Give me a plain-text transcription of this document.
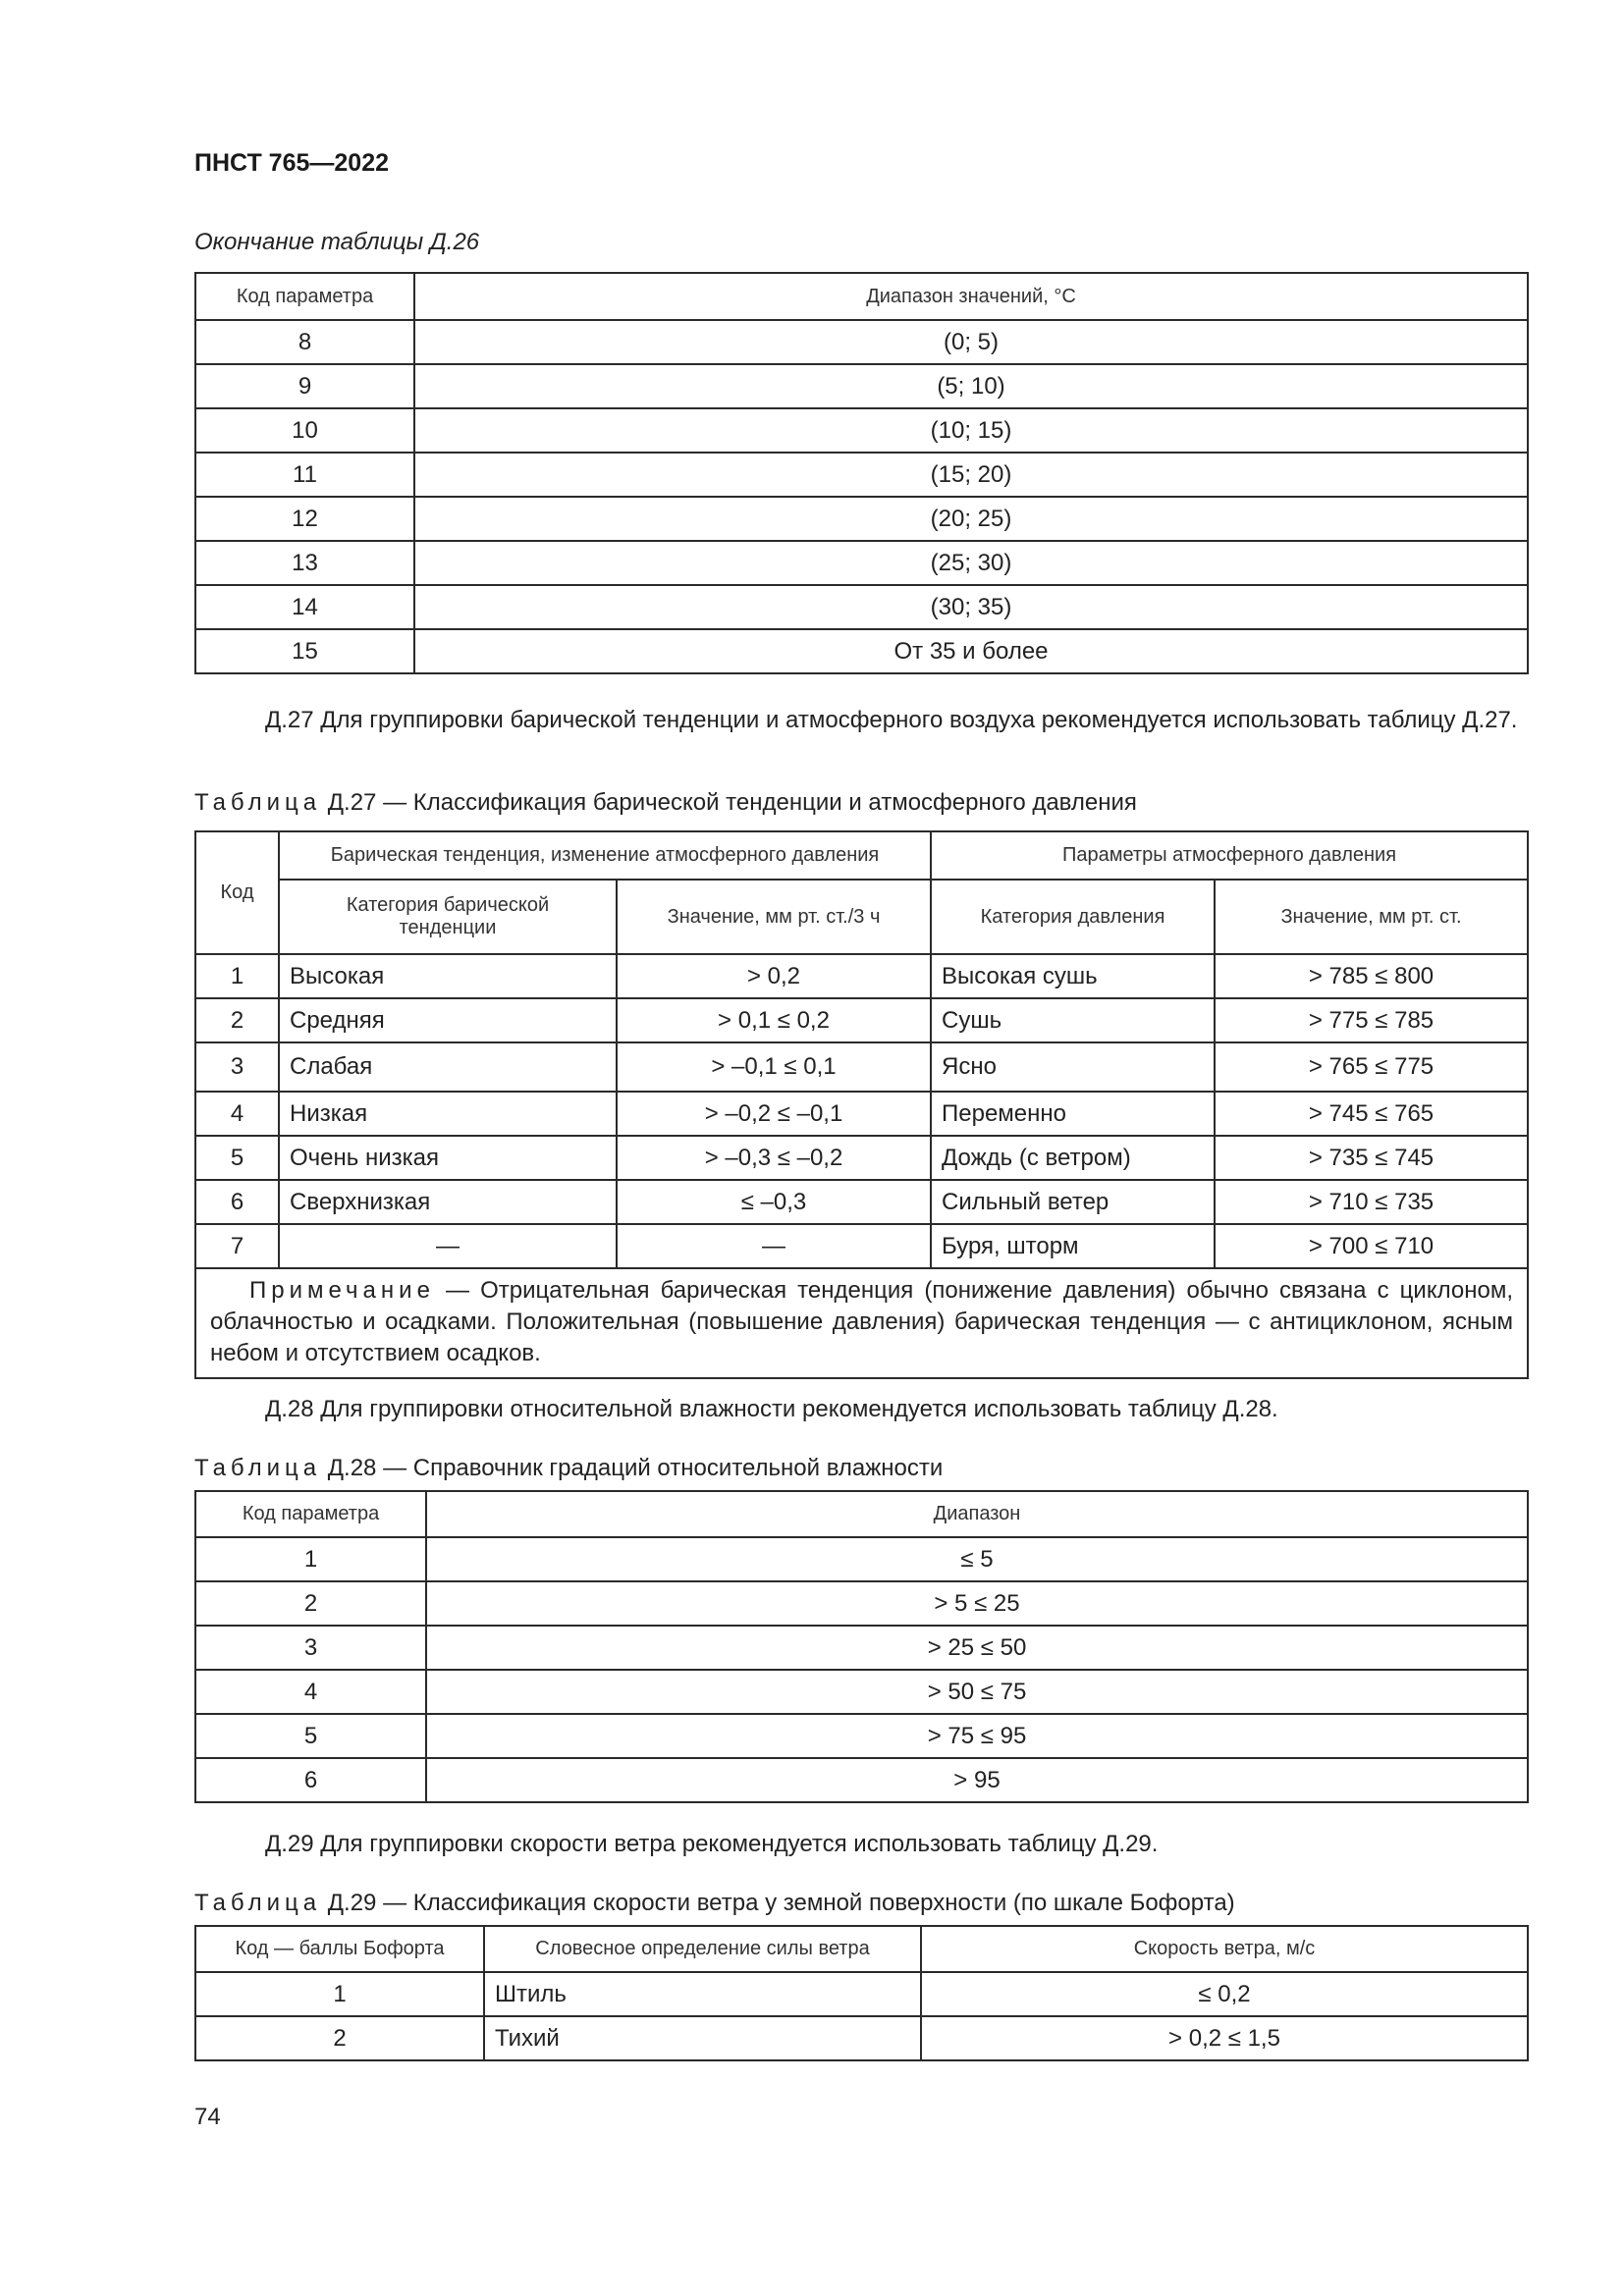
ПНСТ 765—2022
Окончание таблицы Д.26
Код параметра	Диапазон значений, °С
8	(0; 5)
9	(5; 10)
10	(10; 15)
11	(15; 20)
12	(20; 25)
13	(25; 30)
14	(30; 35)
15	От 35 и более
Д.27 Для группировки барической тенденции и атмосферного воздуха рекомендуется использовать таблицу Д.27.
Таблица Д.27 — Классификация барической тенденции и атмосферного давления
Код	Барическая тенденция, изменение атмосферного давления		Параметры атмосферного давления	
	Категория барической тенденции	Значение, мм рт. ст./3 ч	Категория давления	Значение, мм рт. ст.
1	Высокая	> 0,2	Высокая сушь	> 785 ≤ 800
2	Средняя	> 0,1 ≤ 0,2	Сушь	> 775 ≤ 785
3	Слабая	> –0,1 ≤ 0,1	Ясно	> 765 ≤ 775
4	Низкая	> –0,2 ≤ –0,1	Переменно	> 745 ≤ 765
5	Очень низкая	> –0,3 ≤ –0,2	Дождь (с ветром)	> 735 ≤ 745
6	Сверхнизкая	≤ –0,3	Сильный ветер	> 710 ≤ 735
7	—	—	Буря, шторм	> 700 ≤ 710
Примечание — Отрицательная барическая тенденция (понижение давления) обычно связана с циклоном, облачностью и осадками. Положительная (повышение давления) барическая тенденция — с антициклоном, ясным небом и отсутствием осадков.				
Д.28 Для группировки относительной влажности рекомендуется использовать таблицу Д.28.
Таблица Д.28 — Справочник градаций относительной влажности
Код параметра	Диапазон
1	≤ 5
2	> 5 ≤ 25
3	> 25 ≤ 50
4	> 50 ≤ 75
5	> 75 ≤ 95
6	> 95
Д.29 Для группировки скорости ветра рекомендуется использовать таблицу Д.29.
Таблица Д.29 — Классификация скорости ветра у земной поверхности (по шкале Бофорта)
Код — баллы Бофорта	Словесное определение силы ветра	Скорость ветра, м/с
1	Штиль	≤ 0,2
2	Тихий	> 0,2 ≤ 1,5
74
